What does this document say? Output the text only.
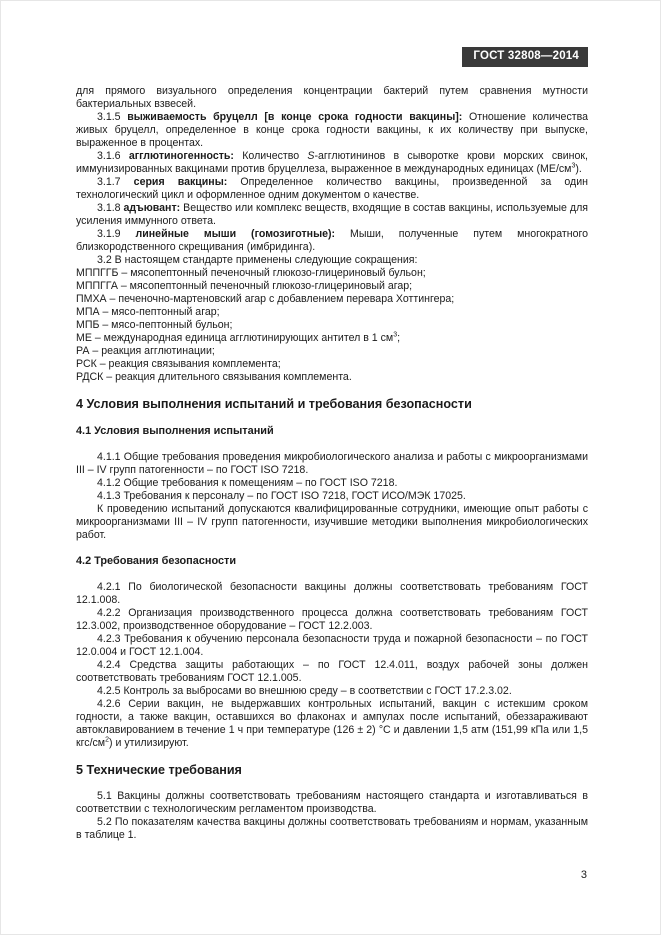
ГОСТ 32808—2014
для прямого визуального определения концентрации бактерий путем сравнения мутности бактериальных взвесей.
3.1.5 выживаемость бруцелл [в конце срока годности вакцины]: Отношение количества живых бруцелл, определенное в конце срока годности вакцины, к их количеству при выпуске, выраженное в процентах.
3.1.6 агглютиногенность: Количество S-агглютининов в сыворотке крови морских свинок, иммунизированных вакцинами против бруцеллеза, выраженное в международных единицах $(МЕ/см^3)$.
3.1.7 серия вакцины: Определенное количество вакцины, произведенной за один технологический цикл и оформленное одним документом о качестве.
3.1.8 адъювант: Вещество или комплекс веществ, входящие в состав вакцины, используемые для усиления иммунного ответа.
3.1.9 линейные мыши (гомозиготные): Мыши, полученные путем многократного близкородственного скрещивания (имбридинга).
3.2 В настоящем стандарте применены следующие сокращения:
МППГГБ – мясопептонный печеночный глюкозо-глицериновый бульон;
МППГГА – мясопептонный печеночный глюкозо-глицериновый агар;
ПМХА – печеночно-мартеновский агар с добавлением перевара Хоттингера;
МПА – мясо-пептонный агар;
МПБ – мясо-пептонный бульон;
МЕ – международная единица агглютинирующих антител в 1 $см^3$;
РА – реакция агглютинации;
РСК – реакция связывания комплемента;
РДСК – реакция длительного связывания комплемента.
4 Условия выполнения испытаний и требования безопасности
4.1 Условия выполнения испытаний
4.1.1 Общие требования проведения микробиологического анализа и работы с микроорганизмами III – IV групп патогенности – по ГОСТ ISO 7218.
4.1.2 Общие требования к помещениям – по ГОСТ ISO 7218.
4.1.3 Требования к персоналу – по ГОСТ ISO 7218, ГОСТ ИСО/МЭК 17025.
К проведению испытаний допускаются квалифицированные сотрудники, имеющие опыт работы с микроорганизмами III – IV групп патогенности, изучившие методики выполнения микробиологических работ.
4.2 Требования безопасности
4.2.1 По биологической безопасности вакцины должны соответствовать требованиям ГОСТ 12.1.008.
4.2.2 Организация производственного процесса должна соответствовать требованиям ГОСТ 12.3.002, производственное оборудование – ГОСТ 12.2.003.
4.2.3 Требования к обучению персонала безопасности труда и пожарной безопасности – по ГОСТ 12.0.004 и ГОСТ 12.1.004.
4.2.4 Средства защиты работающих – по ГОСТ 12.4.011, воздух рабочей зоны должен соответствовать требованиям ГОСТ 12.1.005.
4.2.5 Контроль за выбросами во внешнюю среду – в соответствии с ГОСТ 17.2.3.02.
4.2.6 Серии вакцин, не выдержавших контрольных испытаний, вакцин с истекшим сроком годности, а также вакцин, оставшихся во флаконах и ампулах после испытаний, обеззараживают автоклавированием в течение 1 ч при температуре (126 ± 2) °С и давлении 1,5 атм (151,99 кПа или 1,5 кгс/$см^2$) и утилизируют.
5 Технические требования
5.1 Вакцины должны соответствовать требованиям настоящего стандарта и изготавливаться в соответствии с технологическим регламентом производства.
5.2 По показателям качества вакцины должны соответствовать требованиям и нормам, указанным в таблице 1.
3
